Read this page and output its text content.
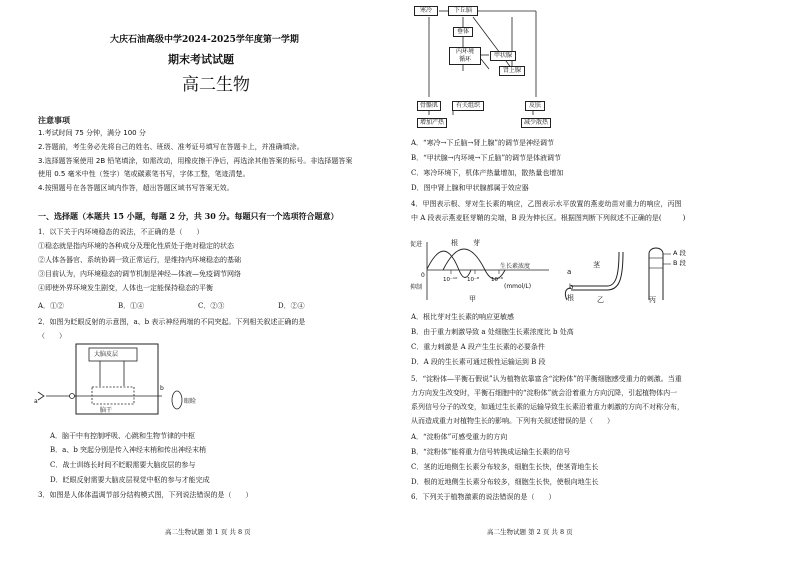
大庆石油高级中学2024-2025学年度第一学期
期末考试试题
高二生物
注意事项
1.考试时间 75 分钟，满分 100 分
2.答题前，考生务必先将自己的姓名、班级、准考证号填写在答题卡上，并准确填涂。
3.选择题答案使用 2B 铅笔填涂，如需改动，用橡皮擦干净后，再选涂其他答案的标号。非选择题答案
使用 0.5 毫米中性（签字）笔或碳素笔书写，字体工整，笔迹清楚。
4.按照题号在各答题区域内作答，超出答题区域书写答案无效。
一、选择题（本题共 15 小题，每题 2 分，共 30 分。每题只有一个选项符合题意）
1．以下关于内环境稳态的说法，不正确的是（　　）
①稳态就是指内环境的各种成分及理化性质处于绝对稳定的状态
②人体各器官、系统协调一致正常运行，是维持内环境稳态的基础
③目前认为，内环境稳态的调节机制是神经—体液—免疫调节网络
④即使外界环境发生剧变，人体也一定能保持稳态的平衡
A．①②	B．①④	C．②③	D．②④
2．如图为眨眼反射的示意图，a、b 表示神经两端的不同突起。下列相关叙述正确的是
（　　）
大脑皮层
脑干
眼睑
a
b
A．脑干中有控制呼吸、心跳和生物节律的中枢
B．a、b 突起分别是传入神经末梢和传出神经末梢
C．战士训练长时间不眨眼需要大脑皮层的参与
D．眨眼反射需要大脑皮层视觉中枢的参与才能完成
3．如图是人体体温调节部分结构模式图，下列说法错误的是（　　）
高二生物试题 第 1 页 共 8 页
寒冷	下丘脑
垂体
内环境
循环
甲状腺
肾上腺
骨骼肌	有关组织
增加产热
皮肤
减少散热
A．“寒冷→下丘脑→肾上腺”的调节是神经调节
B．“甲状腺→内环境→下丘脑”的调节是体液调节
C．寒冷环境下，机体产热量增加，散热量也增加
D．图中肾上腺和甲状腺都属于效应器
4．甲图表示根、芽对生长素的响应，乙图表示水平放置的燕麦幼苗对重力的响应，丙图
中 A 段表示燕麦胚芽鞘的尖端，B 段为伸长区。根据图判断下列叙述不正确的是(　　　)
促进
抑制
0
根 芽
10⁻¹⁰ 10⁻⁸ 10⁻⁶
生长素浓度
(mmol/L)
甲
a
b
茎
根	乙
A 段
B 段
丙
A．根比芽对生长素的响应更敏感
B．由于重力刺激导致 a 处细胞生长素浓度比 b 处高
C．重力刺激是 A 段产生生长素的必要条件
D．A 段的生长素可通过极性运输运到 B 段
5．“淀粉体—平衡石假说”认为植物依靠富含“淀粉体”的平衡细胞感受重力的刺激。当重
力方向发生改变时，平衡石细胞中的“淀粉体”就会沿着重力方向沉降，引起植物体内一
系列信号分子的改变，如通过生长素的运输导致生长素沿着重力刺激的方向不对称分布，
从而造成重力对植物生长的影响。下列有关叙述错误的是（　　）
A．“淀粉体”可感受重力的方向
B．“淀粉体”能将重力信号转换成运输生长素的信号
C．茎的近地侧生长素分布较多，细胞生长快，使茎背地生长
D．根的近地侧生长素分布较多，细胞生长快，使根向地生长
6．下列关于植物激素的说法错误的是（　　）
高二生物试题 第 2 页 共 8 页
